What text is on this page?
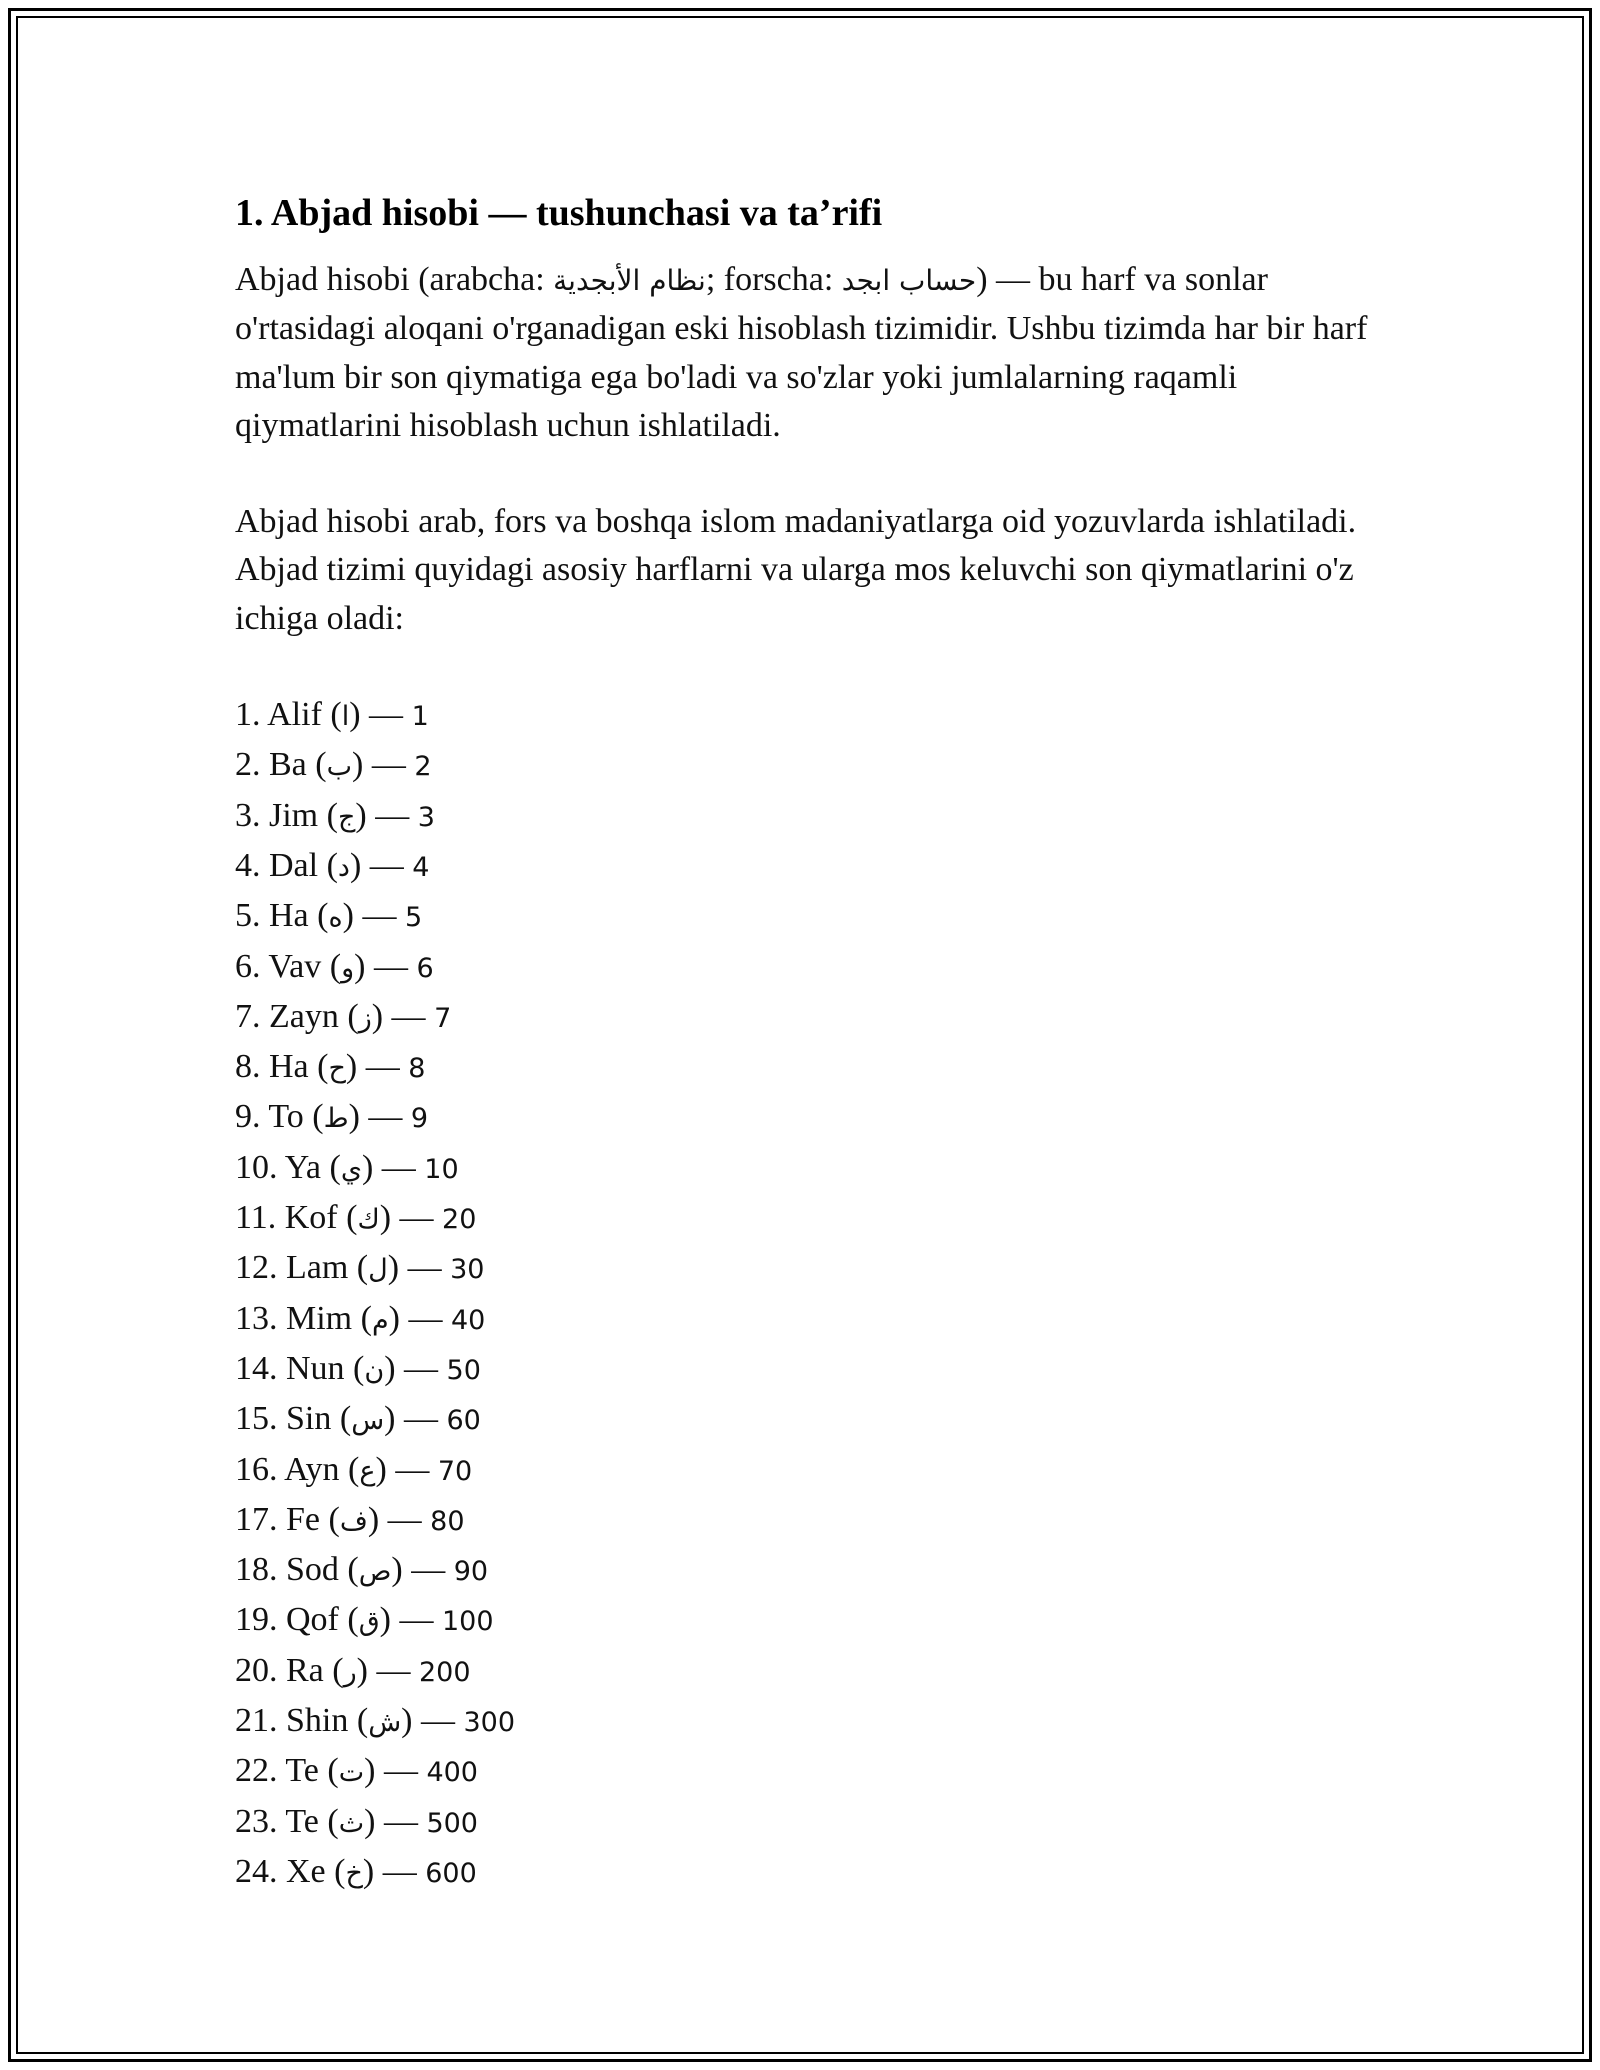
1. Abjad hisobi — tushunchasi va ta’rifi

Abjad hisobi (arabcha: نظام الأبجدية; forscha: حساب ابجد) — bu harf va sonlar o'rtasidagi aloqani o'rganadigan eski hisoblash tizimidir. Ushbu tizimda har bir harf ma'lum bir son qiymatiga ega bo'ladi va so'zlar yoki jumlalarning raqamli qiymatlarini hisoblash uchun ishlatiladi.

Abjad hisobi arab, fors va boshqa islom madaniyatlarga oid yozuvlarda ishlatiladi. Abjad tizimi quyidagi asosiy harflarni va ularga mos keluvchi son qiymatlarini o'z ichiga oladi:

1. Alif (ا) — 1
2. Ba (ب) — 2
3. Jim (ج) — 3
4. Dal (د) — 4
5. Ha (ه) — 5
6. Vav (و) — 6
7. Zayn (ز) — 7
8. Ha (ح) — 8
9. To (ط) — 9
10. Ya (ي) — 10
11. Kof (ك) — 20
12. Lam (ل) — 30
13. Mim (م) — 40
14. Nun (ن) — 50
15. Sin (س) — 60
16. Ayn (ع) — 70
17. Fe (ف) — 80
18. Sod (ص) — 90
19. Qof (ق) — 100
20. Ra (ر) — 200
21. Shin (ش) — 300
22. Te (ت) — 400
23. Te (ث) — 500
24. Xe (خ) — 600
